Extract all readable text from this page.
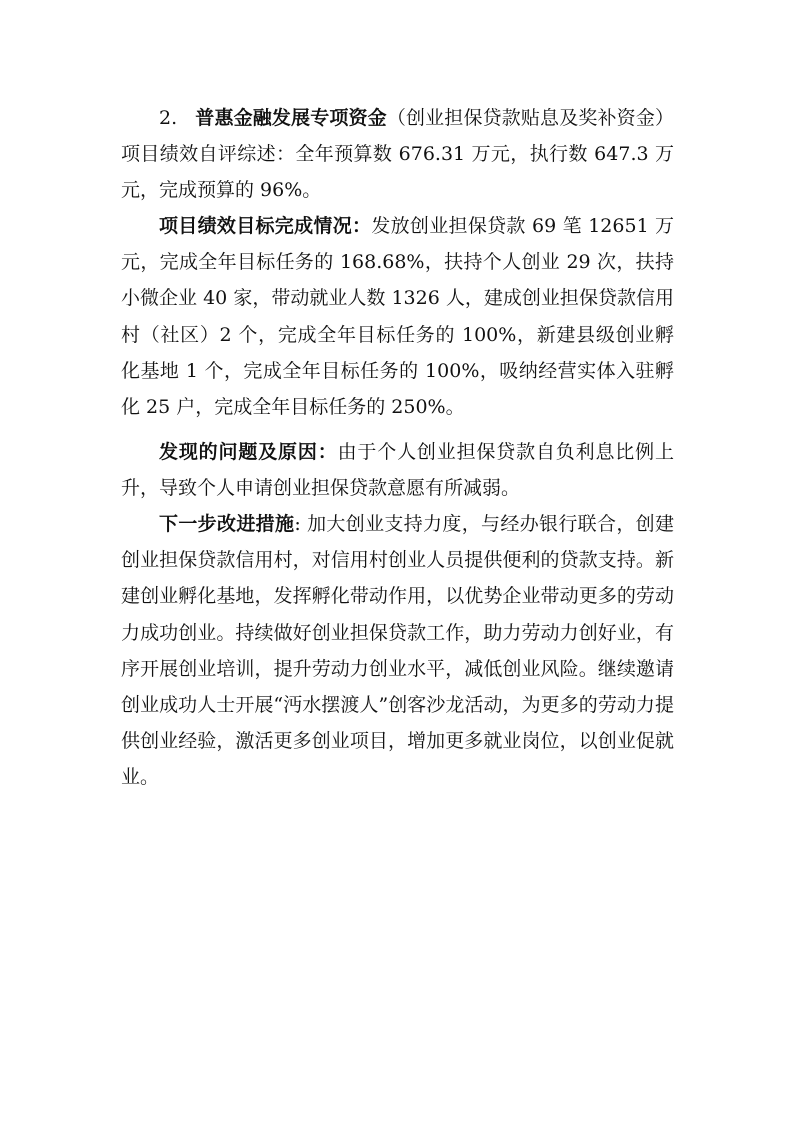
2. 普惠金融发展专项资金（创业担保贷款贴息及奖补资金）项目绩效自评综述：全年预算数 676.31 万元，执行数 647.3 万元，完成预算的 96%。

项目绩效目标完成情况：发放创业担保贷款 69 笔 12651 万元，完成全年目标任务的 168.68%，扶持个人创业 29 次，扶持小微企业 40 家，带动就业人数 1326 人，建成创业担保贷款信用村（社区）2 个，完成全年目标任务的 100%，新建县级创业孵化基地 1 个，完成全年目标任务的 100%，吸纳经营实体入驻孵化 25 户，完成全年目标任务的 250%。

发现的问题及原因：由于个人创业担保贷款自负利息比例上升，导致个人申请创业担保贷款意愿有所减弱。

下一步改进措施: 加大创业支持力度，与经办银行联合，创建创业担保贷款信用村，对信用村创业人员提供便利的贷款支持。新建创业孵化基地，发挥孵化带动作用，以优势企业带动更多的劳动力成功创业。持续做好创业担保贷款工作，助力劳动力创好业，有序开展创业培训，提升劳动力创业水平，减低创业风险。继续邀请创业成功人士开展“沔水摆渡人”创客沙龙活动，为更多的劳动力提供创业经验，激活更多创业项目，增加更多就业岗位，以创业促就业。
